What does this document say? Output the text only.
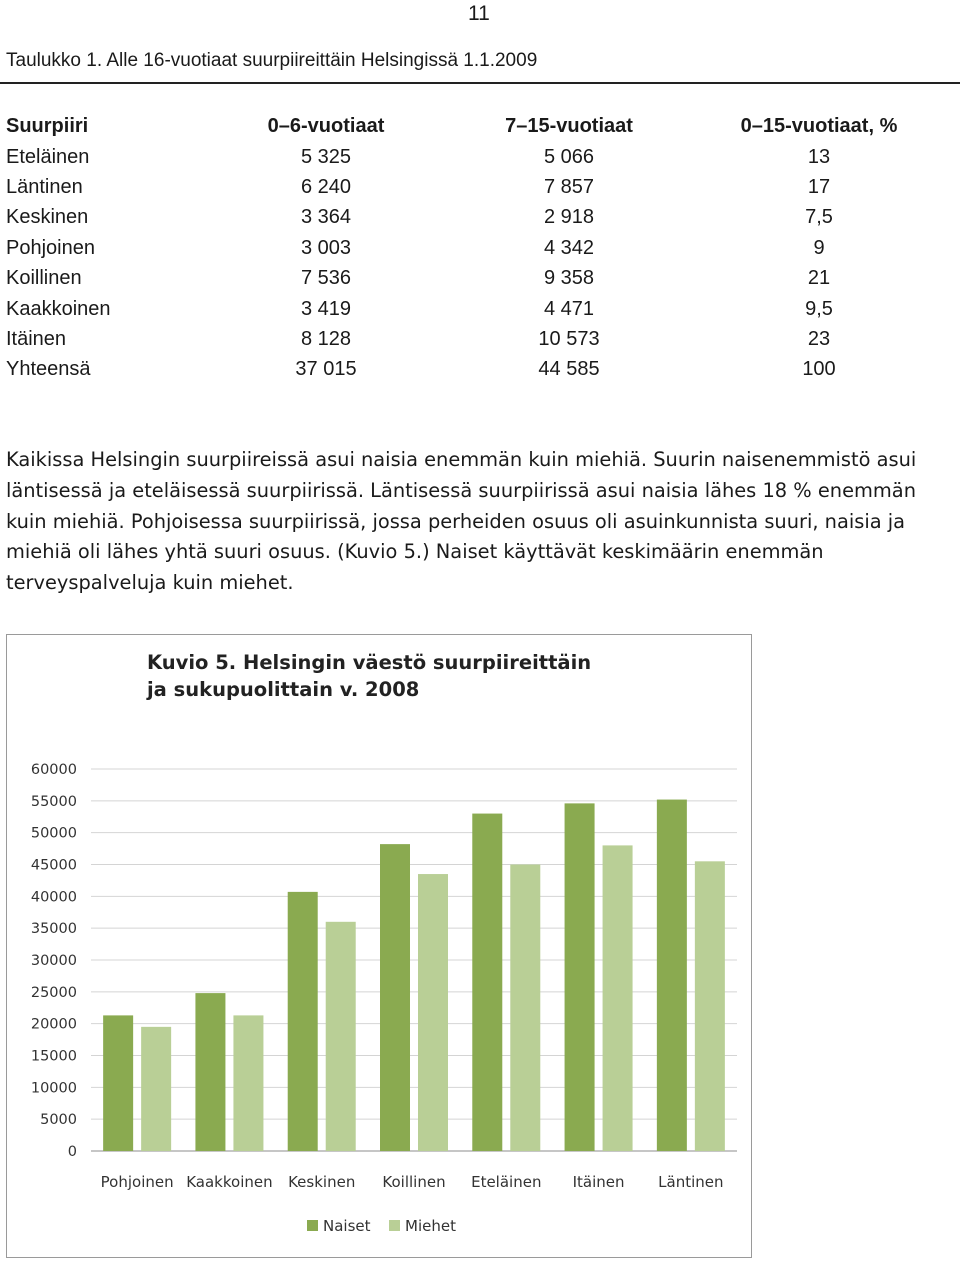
11
Taulukko 1. Alle 16-vuotiaat suurpiireittäin Helsingissä 1.1.2009
Suurpiiri	0–6-vuotiaat	7–15-vuotiaat	0–15-vuotiaat, %
Eteläinen	5 325	5 066	13
Läntinen	6 240	7 857	17
Keskinen	3 364	2 918	7,5
Pohjoinen	3 003	4 342	9
Koillinen	7 536	9 358	21
Kaakkoinen	3 419	4 471	9,5
Itäinen	8 128	10 573	23
Yhteensä	37 015	44 585	100
Kaikissa Helsingin suurpiireissä asui naisia enemmän kuin miehiä. Suurin naisenemmistö asui läntisessä ja eteläisessä suurpiirissä. Läntisessä suurpiirissä asui naisia lähes 18 % enemmän kuin miehiä. Pohjoisessa suurpiirissä, jossa perheiden osuus oli asuinkunnista suuri, naisia ja miehiä oli lähes yhtä suuri osuus. (Kuvio 5.) Naiset käyttävät keskimäärin enemmän terveyspalveluja kuin miehet.
Kuvio 5. Helsingin väestö suurpiireittäin ja sukupuolittain v. 2008
0
5000
10000
15000
20000
25000
30000
35000
40000
45000
50000
55000
60000
Pohjoinen Kaakkoinen Keskinen Koillinen Eteläinen Itäinen Läntinen
Naiset Miehet
